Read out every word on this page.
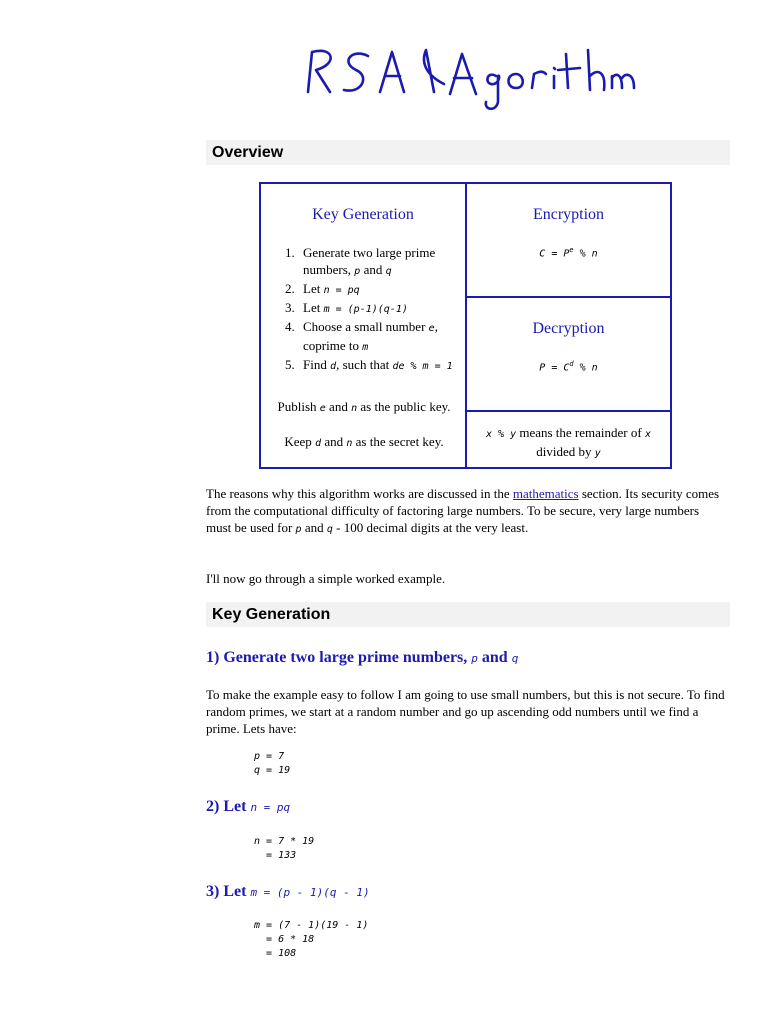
Overview
Key Generation
1. Generate two large prime numbers, p and q
2. Let n = pq
3. Let m = (p-1)(q-1)
4. Choose a small number e, coprime to m
5. Find d, such that de % m = 1
Publish e and n as the public key.
Keep d and n as the secret key.
Encryption
$C = P^e$ % n
Decryption
$P = C^d$ % n
x % y means the remainder of x divided by y
The reasons why this algorithm works are discussed in the mathematics section. Its security comes from the computational difficulty of factoring large numbers. To be secure, very large numbers must be used for p and q - 100 decimal digits at the very least.
I'll now go through a simple worked example.
Key Generation
1) Generate two large prime numbers, p and q
To make the example easy to follow I am going to use small numbers, but this is not secure. To find random primes, we start at a random number and go up ascending odd numbers until we find a prime. Lets have:
p = 7
q = 19
2) Let n = pq
n = 7 * 19
= 133
3) Let m = (p - 1)(q - 1)
m = (7 - 1)(19 - 1)
= 6 * 18
= 108
